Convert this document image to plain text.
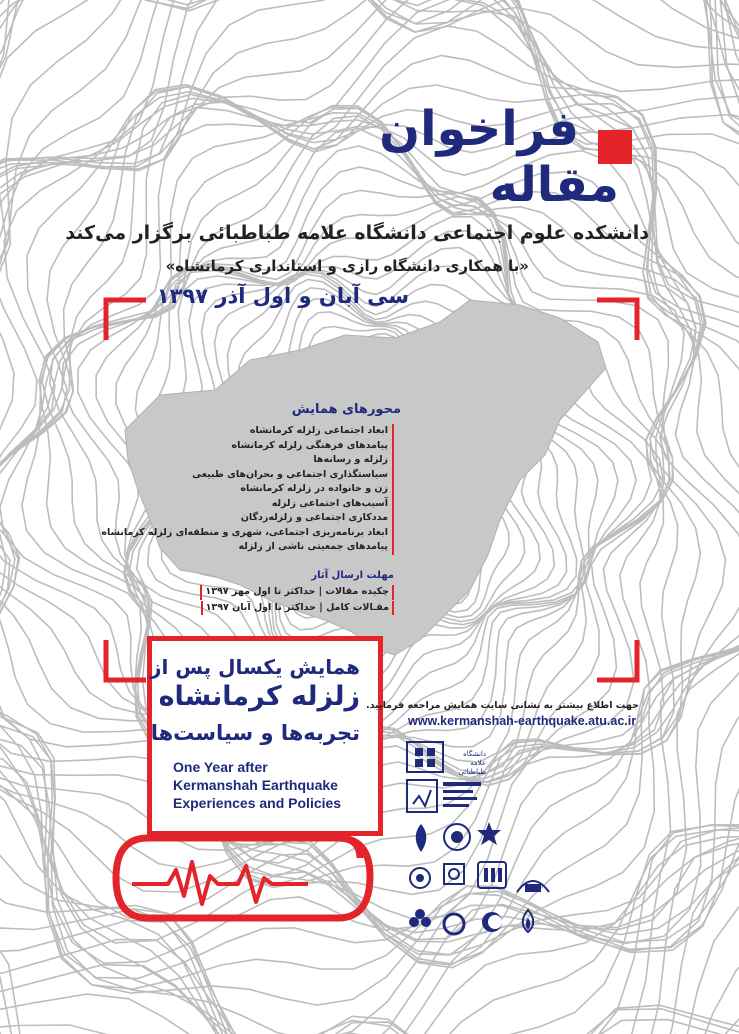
فراخوان
مقاله
دانشکده علوم اجتماعی دانشگاه علامه طباطبائی برگزار می‌کند
«با همکاری دانشگاه رازی و استانداری کرمانشاه»
سی آبان و اول آذر ۱۳۹۷
محورهای همایش
ابعاد اجتماعی زلزله کرمانشاه
پیامدهای فرهنگی زلزله کرمانشاه
زلزله و رسانه‌ها
سیاستگذاری اجتماعی و بحران‌های طبیعی
زن و خانواده در زلزله کرمانشاه
آسیب‌های اجتماعی زلزله
مددکاری اجتماعی و زلزله‌زدگان
ابعاد برنامه‌ریزی اجتماعی، شهری و منطقه‌ای زلزله کرمانشاه
پیامدهای جمعیتی ناشی از زلزله
مهلت ارسال آثار
چکیده مقالات | حداکثر تا اول مهر ۱۳۹۷
مقـالات کامل | حداکثر تا اول آبان ۱۳۹۷
همایش یکسال پس از
زلزله کرمانشاه
تجربه‌ها و سیاست‌ها
One Year after
Kermanshah Earthquake
Experiences and Policies
جهت اطلاع بیشتر به نشانی سایت همایش مراجعه فرمایید.
www.kermanshah-earthquake.atu.ac.ir
دانشگاه علامه طباطبائی
